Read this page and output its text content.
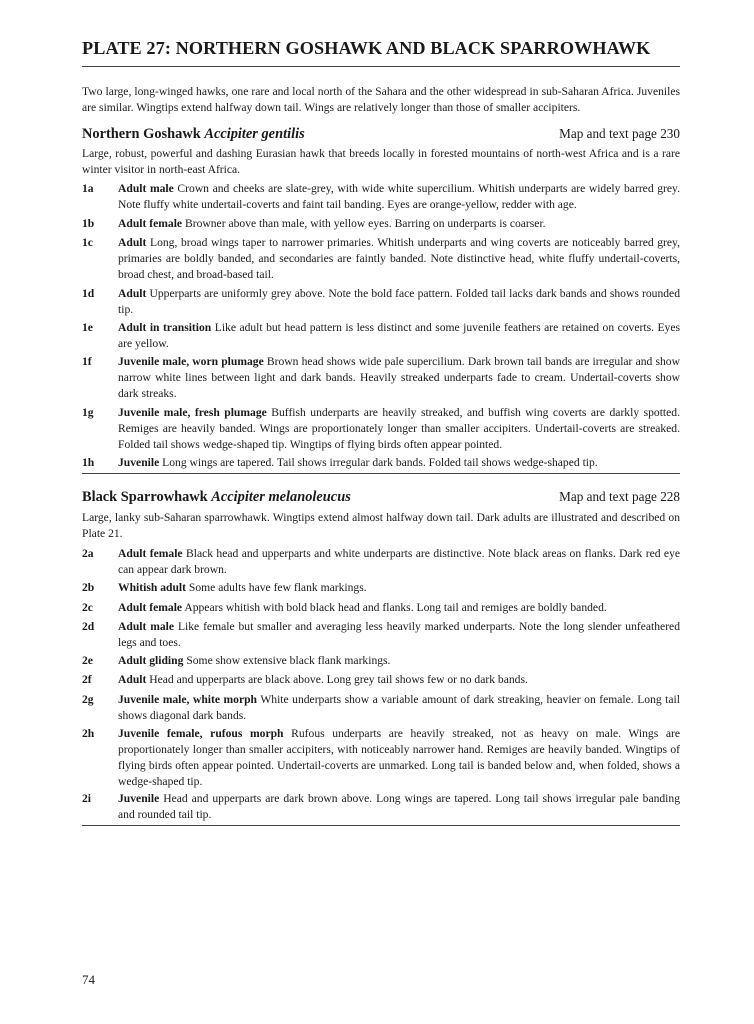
PLATE 27: NORTHERN GOSHAWK AND BLACK SPARROWHAWK
Two large, long-winged hawks, one rare and local north of the Sahara and the other widespread in sub-Saharan Africa. Juveniles are similar. Wingtips extend halfway down tail. Wings are relatively longer than those of smaller accipiters.
Northern Goshawk Accipiter gentilis	Map and text page 230
Large, robust, powerful and dashing Eurasian hawk that breeds locally in forested mountains of north-west Africa and is a rare winter visitor in north-east Africa.
1a	Adult male Crown and cheeks are slate-grey, with wide white supercilium. Whitish underparts are widely barred grey. Note fluffy white undertail-coverts and faint tail banding. Eyes are orange-yellow, redder with age.
1b	Adult female Browner above than male, with yellow eyes. Barring on underparts is coarser.
1c	Adult Long, broad wings taper to narrower primaries. Whitish underparts and wing coverts are noticeably barred grey, primaries are boldly banded, and secondaries are faintly banded. Note distinctive head, white fluffy undertail-coverts, broad chest, and broad-based tail.
1d	Adult Upperparts are uniformly grey above. Note the bold face pattern. Folded tail lacks dark bands and shows rounded tip.
1e	Adult in transition Like adult but head pattern is less distinct and some juvenile feathers are retained on coverts. Eyes are yellow.
1f	Juvenile male, worn plumage Brown head shows wide pale supercilium. Dark brown tail bands are irregular and show narrow white lines between light and dark bands. Heavily streaked underparts fade to cream. Undertail-coverts show dark streaks.
1g	Juvenile male, fresh plumage Buffish underparts are heavily streaked, and buffish wing coverts are darkly spotted. Remiges are heavily banded. Wings are proportionately longer than smaller accipiters. Undertail-coverts are streaked. Folded tail shows wedge-shaped tip. Wingtips of flying birds often appear pointed.
1h	Juvenile Long wings are tapered. Tail shows irregular dark bands. Folded tail shows wedge-shaped tip.
Black Sparrowhawk Accipiter melanoleucus	Map and text page 228
Large, lanky sub-Saharan sparrowhawk. Wingtips extend almost halfway down tail. Dark adults are illustrated and described on Plate 21.
2a	Adult female Black head and upperparts and white underparts are distinctive. Note black areas on flanks. Dark red eye can appear dark brown.
2b	Whitish adult Some adults have few flank markings.
2c	Adult female Appears whitish with bold black head and flanks. Long tail and remiges are boldly banded.
2d	Adult male Like female but smaller and averaging less heavily marked underparts. Note the long slender unfeathered legs and toes.
2e	Adult gliding Some show extensive black flank markings.
2f	Adult Head and upperparts are black above. Long grey tail shows few or no dark bands.
2g	Juvenile male, white morph White underparts show a variable amount of dark streaking, heavier on female. Long tail shows diagonal dark bands.
2h	Juvenile female, rufous morph Rufous underparts are heavily streaked, not as heavy on male. Wings are proportionately longer than smaller accipiters, with noticeably narrower hand. Remiges are heavily banded. Wingtips of flying birds often appear pointed. Undertail-coverts are unmarked. Long tail is banded below and, when folded, shows a wedge-shaped tip.
2i	Juvenile Head and upperparts are dark brown above. Long wings are tapered. Long tail shows irregular pale banding and rounded tail tip.
74
